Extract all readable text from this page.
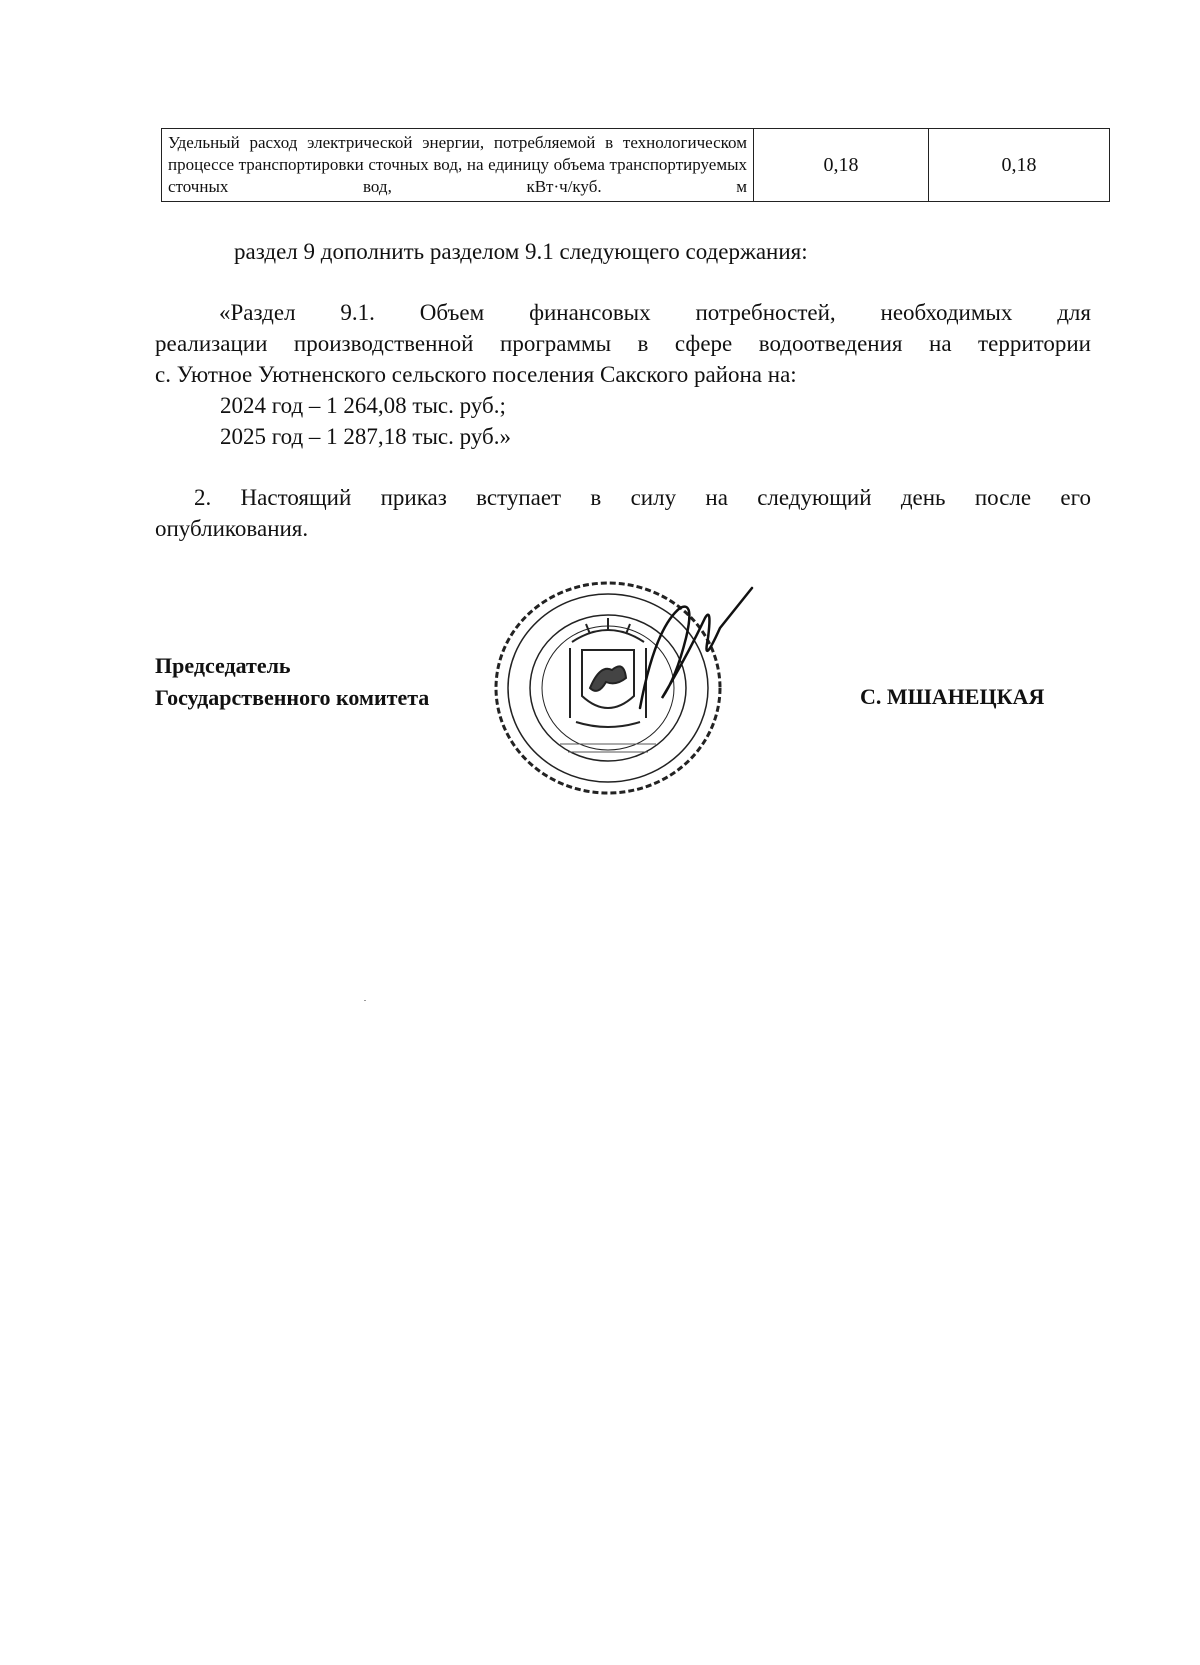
Удельный расход электрической энергии, потребляемой в технологическом процессе транспортировки сточных вод, на единицу объема транспортируемых сточных вод, кВт·ч/куб. м
0,18	0,18

раздел 9 дополнить разделом 9.1 следующего содержания:

«Раздел 9.1. Объем финансовых потребностей, необходимых для

реализации производственной программы в сфере водоотведения на территории

с. Уютное Уютненского сельского поселения Сакского района на:

2024 год – 1 264,08 тыс. руб.;

2025 год – 1 287,18 тыс. руб.»

2. Настоящий приказ вступает в силу на следующий день после его

опубликования.

Председатель
Государственного комитета	С. МШАНЕЦКАЯ
